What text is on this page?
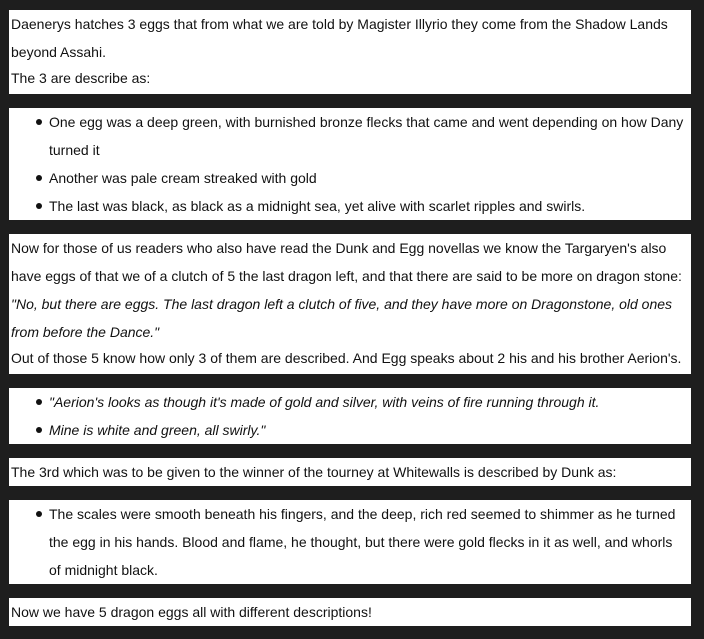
Daenerys hatches 3 eggs that from what we are told by Magister Illyrio they come from the Shadow Lands beyond Assahi.

The 3 are describe as:

One egg was a deep green, with burnished bronze flecks that came and went depending on how Dany turned it
Another was pale cream streaked with gold
The last was black, as black as a midnight sea, yet alive with scarlet ripples and swirls.

Now for those of us readers who also have read the Dunk and Egg novellas we know the Targaryen's also have eggs of that we of a clutch of 5 the last dragon left, and that there are said to be more on dragon stone:

"No, but there are eggs. The last dragon left a clutch of five, and they have more on Dragonstone, old ones from before the Dance."

Out of those 5 know how only 3 of them are described. And Egg speaks about 2 his and his brother Aerion's.

"Aerion's looks as though it's made of gold and silver, with veins of fire running through it.
Mine is white and green, all swirly."

The 3rd which was to be given to the winner of the tourney at Whitewalls is described by Dunk as:

The scales were smooth beneath his fingers, and the deep, rich red seemed to shimmer as he turned the egg in his hands. Blood and flame, he thought, but there were gold flecks in it as well, and whorls of midnight black.

Now we have 5 dragon eggs all with different descriptions!
